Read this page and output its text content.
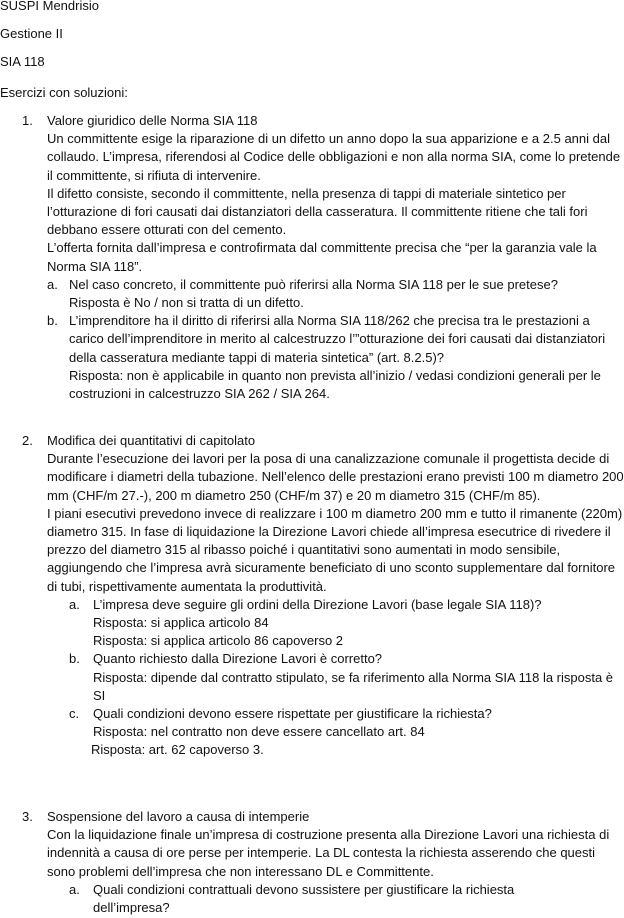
SUSPI Mendrisio

Gestione II

SIA 118

Esercizi con soluzioni:

1.	Valore giuridico delle Norma SIA 118

Un committente esige la riparazione di un difetto un anno dopo la sua apparizione e a 2.5 anni dal collaudo. L’impresa, riferendosi al Codice delle obbligazioni e non alla norma SIA, come lo pretende il committente, si rifiuta di intervenire.

Il difetto consiste, secondo il committente, nella presenza di tappi di materiale sintetico per l’otturazione di fori causati dai distanziatori della casseratura. Il committente ritiene che tali fori debbano essere otturati con del cemento.

L’offerta fornita dall’impresa e controfirmata dal committente precisa che “per la garanzia vale la Norma SIA 118”.

a. Nel caso concreto, il committente può riferirsi alla Norma SIA 118 per le sue pretese?

Risposta è No / non si tratta di un difetto.

b. L’imprenditore ha il diritto di riferirsi alla Norma SIA 118/262 che precisa tra le prestazioni a carico dell’imprenditore in merito al calcestruzzo l’”otturazione dei fori causati dai distanziatori della casseratura mediante tappi di materia sintetica” (art. 8.2.5)?

Risposta: non è applicabile in quanto non prevista all’inizio / vedasi condizioni generali per le costruzioni in calcestruzzo SIA 262 / SIA 264.

2.	Modifica dei quantitativi di capitolato

Durante l’esecuzione dei lavori per la posa di una canalizzazione comunale il progettista decide di modificare i diametri della tubazione. Nell’elenco delle prestazioni erano previsti 100 m diametro 200 mm (CHF/m 27.-), 200 m diametro 250 (CHF/m 37) e 20 m diametro 315 (CHF/m 85).

I piani esecutivi prevedono invece di realizzare i 100 m diametro 200 mm e tutto il rimanente (220m) diametro 315. In fase di liquidazione la Direzione Lavori chiede all’impresa esecutrice di rivedere il prezzo del diametro 315 al ribasso poiché i quantitativi sono aumentati in modo sensibile, aggiungendo che l’impresa avrà sicuramente beneficiato di uno sconto supplementare dal fornitore di tubi, rispettivamente aumentata la produttività.

a.	L’impresa deve seguire gli ordini della Direzione Lavori (base legale SIA 118)?

Risposta: si applica articolo 84

Risposta: si applica articolo 86 capoverso 2

b.	Quanto richiesto dalla Direzione Lavori è corretto?

Risposta: dipende dal contratto stipulato, se fa riferimento alla Norma SIA 118 la risposta è SI

c.	Quali condizioni devono essere rispettate per giustificare la richiesta?

Risposta: nel contratto non deve essere cancellato art. 84

Risposta: art. 62 capoverso 3.

3.	Sospensione del lavoro a causa di intemperie

Con la liquidazione finale un’impresa di costruzione presenta alla Direzione Lavori una richiesta di indennità a causa di ore perse per intemperie. La DL contesta la richiesta asserendo che questi sono problemi dell’impresa che non interessano DL e Committente.

a.	Quali condizioni contrattuali devono sussistere per giustificare la richiesta dell’impresa?
